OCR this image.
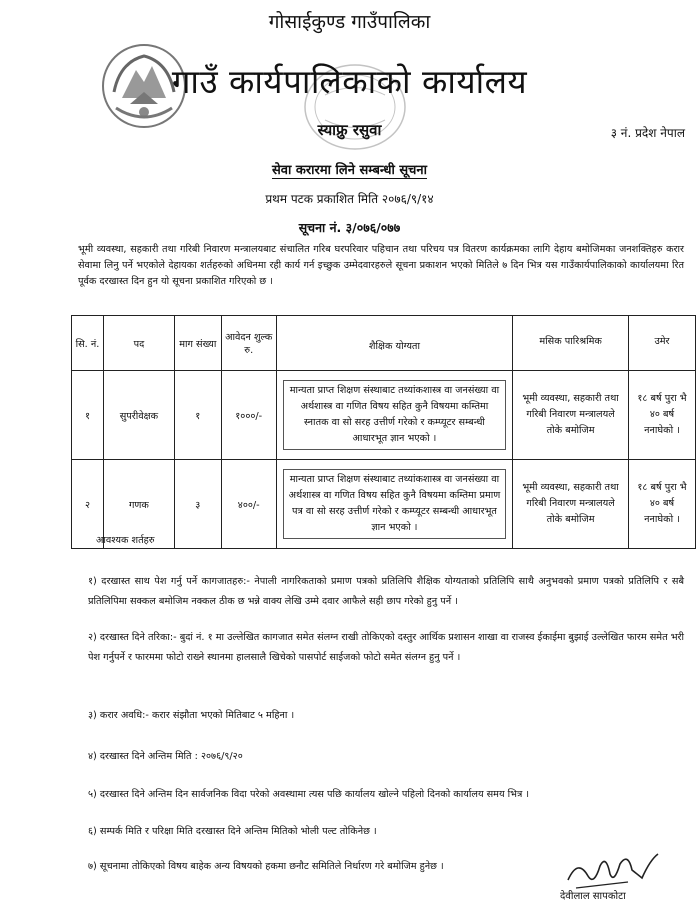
गोसाईकुण्ड गाउँपालिका
गाउँ कार्यपालिकाको कार्यालय
स्याफ्रु रसुवा	३ नं. प्रदेश नेपाल
सेवा करारमा लिने सम्बन्धी सूचना
प्रथम पटक प्रकाशित मिति २०७६/९/१४
सूचना नं. ३/०७६/०७७
भूमी व्यवस्था, सहकारी तथा गरिबी निवारण मन्त्रालयबाट संचालित गरिब घरपरिवार पहिचान तथा परिचय पत्र वितरण कार्यक्रमका लागि देहाय बमोजिमका जनशक्तिहरु करार सेवामा लिनु पर्ने भएकोले देहायका शर्तहरुको अधिनमा रही कार्य गर्न इच्छुक उम्मेदवारहरुले सूचना प्रकाशन भएको मितिले ७ दिन भित्र यस गाउँकार्यपालिकाको कार्यालयमा रित पूर्वक दरखास्त दिन हुन यो सूचना प्रकाशित गरिएको छ ।
सि. नं.	पद	माग संख्या	आवेदन शुल्क रु.	शैक्षिक योग्यता	मसिक पारिश्रमिक	उमेर
१	सुपरीवेक्षक	१	१०००/-	मान्यता प्राप्त शिक्षण संस्थाबाट तथ्यांकशास्त्र वा जनसंख्या वा अर्थशास्त्र वा गणित विषय सहित कुनै विषयमा कम्तिमा स्नातक वा सो सरह उत्तीर्ण गरेको र कम्प्यूटर सम्बन्धी आधारभूत ज्ञान भएको ।	भूमी व्यवस्था, सहकारी तथा गरिबी निवारण मन्त्रालयले तोके बमोजिम	१८ बर्ष पुरा भै ४० बर्ष ननाघेको ।
२	गणक	३	४००/-	मान्यता प्राप्त शिक्षण संस्थाबाट तथ्यांकशास्त्र वा जनसंख्या वा अर्थशास्त्र वा गणित विषय सहित कुनै विषयमा कम्तिमा प्रमाण पत्र वा सो सरह उत्तीर्ण गरेको र कम्प्यूटर सम्बन्धी आधारभूत ज्ञान भएको ।	भूमी व्यवस्था, सहकारी तथा गरिबी निवारण मन्त्रालयले तोके बमोजिम	१८ बर्ष पुरा भै ४० बर्ष ननाघेको ।
आवश्यक शर्तहरु
१) दरखास्त साथ पेश गर्नु पर्ने कागजातहरु:- नेपाली नागरिकताको प्रमाण पत्रको प्रतिलिपि शैक्षिक योग्यताको प्रतिलिपि साथै अनुभवको प्रमाण पत्रको प्रतिलिपि र सबै प्रतिलिपिमा सक्कल बमोजिम नक्कल ठीक छ भन्ने वाक्य लेखि उम्मे दवार आफैले सही छाप गरेको हुनु पर्ने ।
२) दरखास्त दिने तरिका:- बुदां नं. १ मा उल्लेखित कागजात समेत संलग्न राखी तोकिएको दस्तुर आर्थिक प्रशासन शाखा वा राजस्व ईकाईमा बुझाई उल्लेखित फारम समेत भरी पेश गर्नुपर्ने र फारममा फोटो राख्ने स्थानमा हालसालै खिचेको पासपोर्ट साईजको फोटो समेत संलग्न हुनु पर्ने ।
३) करार अवधि:- करार संझौता भएको मितिबाट ५ महिना ।
४) दरखास्त दिने अन्तिम मिति : २०७६/९/२०
५) दरखास्त दिने अन्तिम दिन सार्वजनिक विदा परेको अवस्थामा त्यस पछि कार्यालय खोल्ने पहिलो दिनको कार्यालय समय भित्र ।
६) सम्पर्क मिति र परिक्षा मिति दरखास्त दिने अन्तिम मितिको भोली पल्ट तोकिनेछ ।
७) सूचनामा तोकिएको विषय बाहेक अन्य विषयको हकमा छनौट समितिले निर्धारण गरे बमोजिम हुनेछ ।
देवीलाल सापकोटा
